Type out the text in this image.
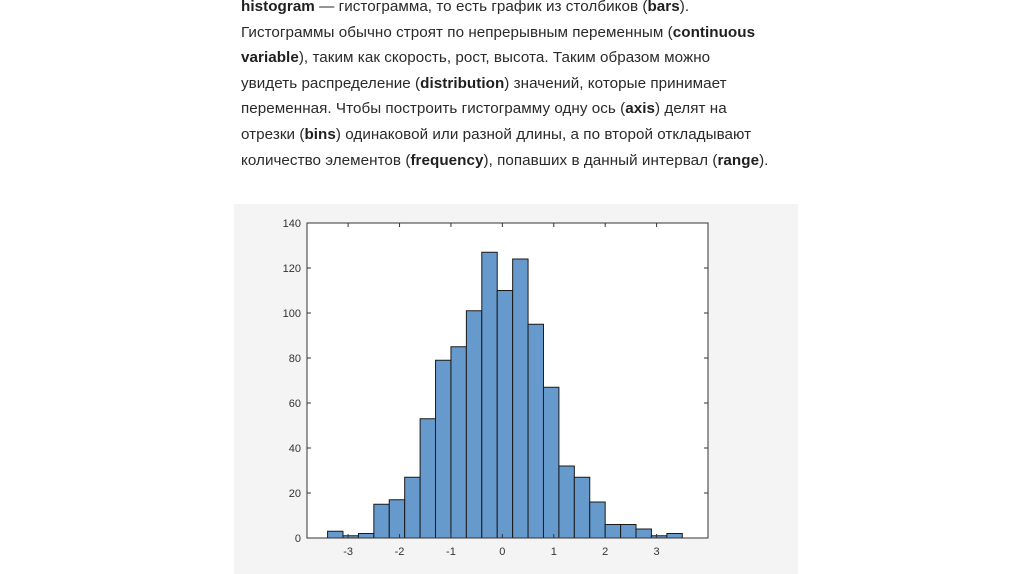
histogram — гистограмма, то есть график из столбиков (bars).
Гистограммы обычно строят по непрерывным переменным (continuous
variable), таким как скорость, рост, высота. Таким образом можно
увидеть распределение (distribution) значений, которые принимает
переменная. Чтобы построить гистограмму одну ось (axis) делят на
отрезки (bins) одинаковой или разной длины, а по второй откладывают
количество элементов (frequency), попавших в данный интервал (range).
0
20
40
60
80
100
120
140
-3	-2	-1	0	1	2	3
